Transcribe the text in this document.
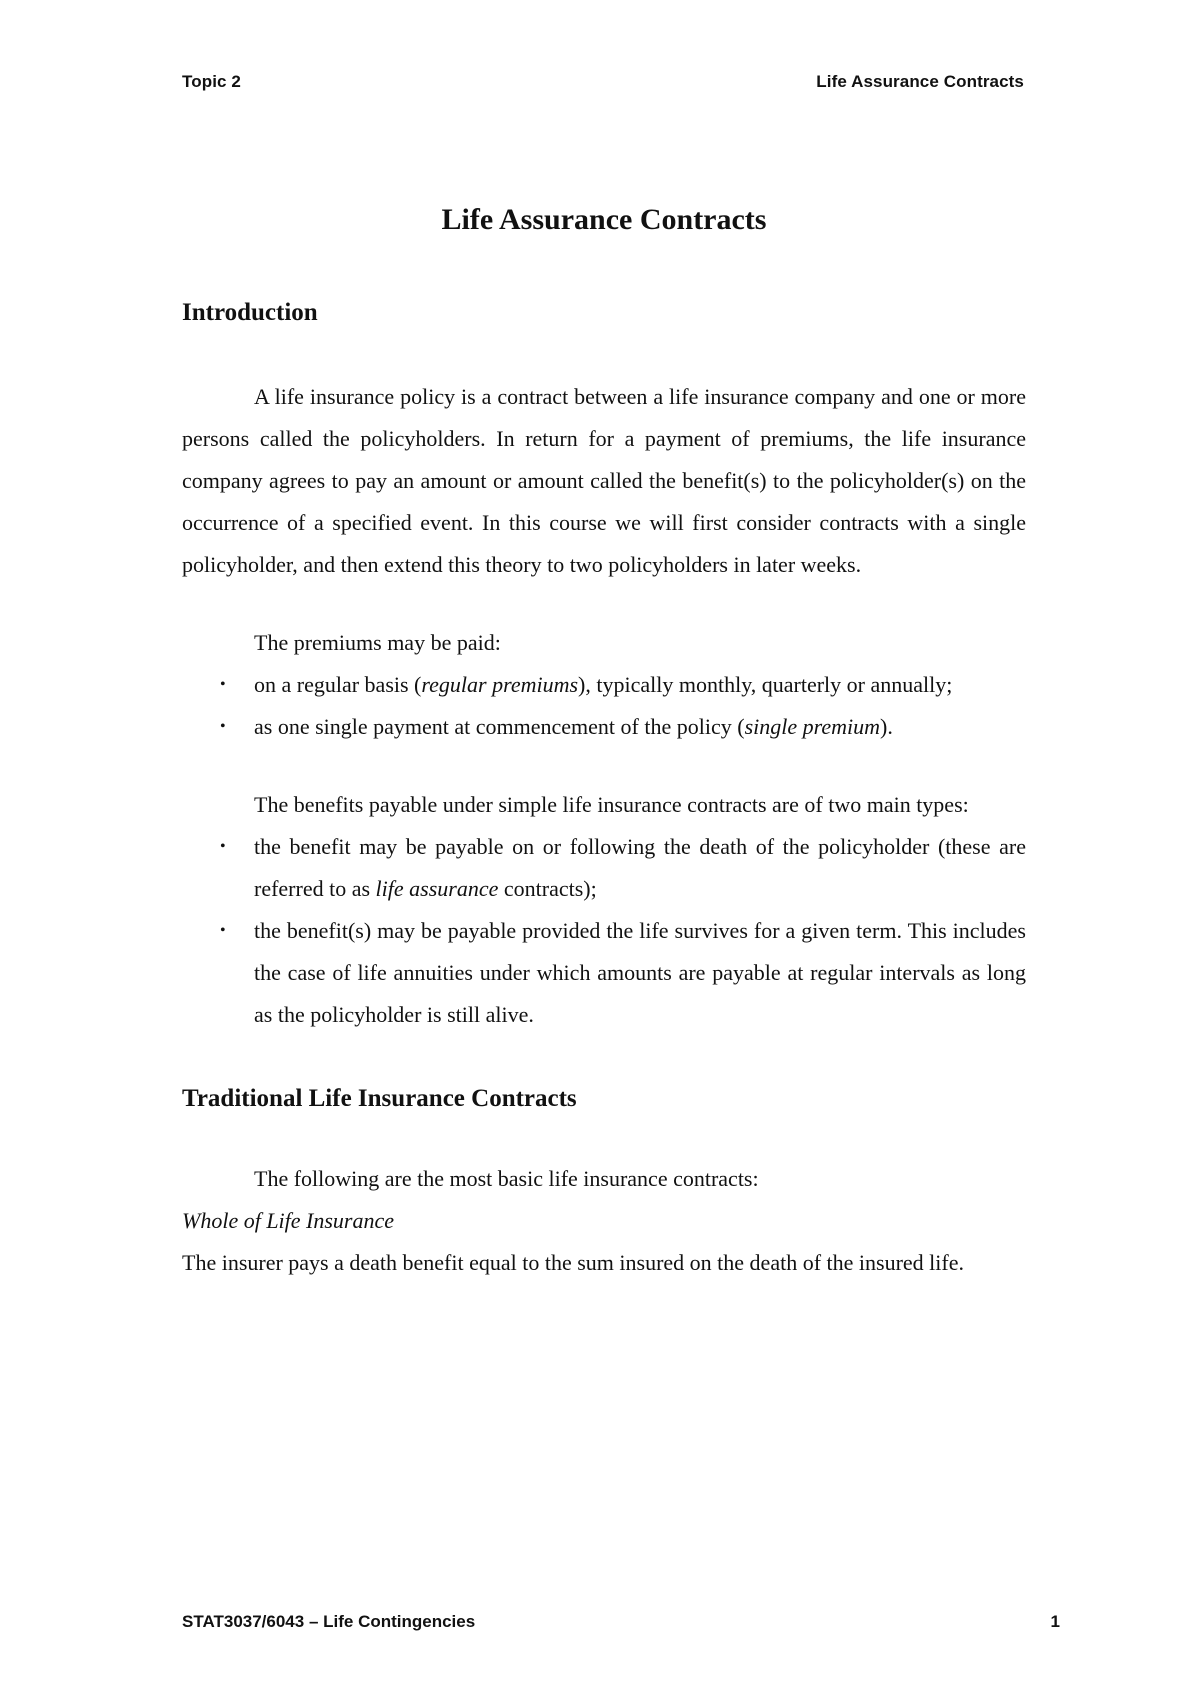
Topic 2	Life Assurance Contracts
Life Assurance Contracts
Introduction

A life insurance policy is a contract between a life insurance company and one or more persons called the policyholders. In return for a payment of premiums, the life insurance company agrees to pay an amount or amount called the benefit(s) to the policyholder(s) on the occurrence of a specified event. In this course we will first consider contracts with a single policyholder, and then extend this theory to two policyholders in later weeks.

The premiums may be paid:

• on a regular basis (regular premiums), typically monthly, quarterly or annually;
• as one single payment at commencement of the policy (single premium).

The benefits payable under simple life insurance contracts are of two main types:

• the benefit may be payable on or following the death of the policyholder (these are referred to as life assurance contracts);
• the benefit(s) may be payable provided the life survives for a given term. This includes the case of life annuities under which amounts are payable at regular intervals as long as the policyholder is still alive.
Traditional Life Insurance Contracts

The following are the most basic life insurance contracts:

Whole of Life Insurance

The insurer pays a death benefit equal to the sum insured on the death of the insured life.

STAT3037/6043 – Life Contingencies	1
